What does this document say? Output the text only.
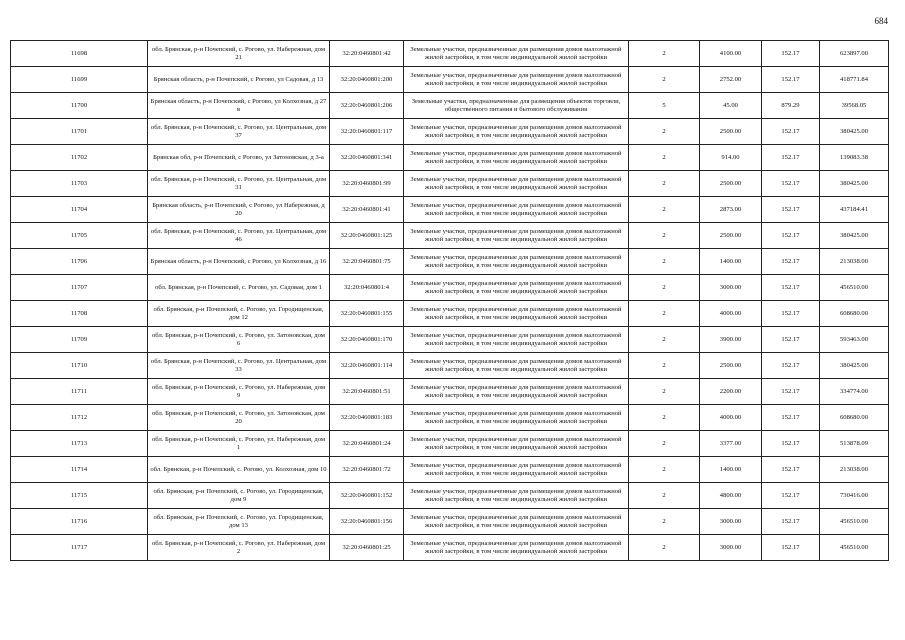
684
11698	обл. Брянская, р-н Почепский, с. Рогово, ул. Набережная, дом 21	32:20:0460801:42	Земельные участки, предназначенные для размещения домов малоэтажной жилой застройки, в том числе индивидуальной жилой застройки	2	4100.00	152.17	623897.00
11699	Брянская область, р-н Почепский, с Рогово, ул Садовая, д 13	32:20:0460801:200	Земельные участки, предназначенные для размещения домов малоэтажной жилой застройки, в том числе индивидуальной жилой застройки	2	2752.00	152.17	418771.84
11700	Брянская область, р-н Почепский, с Рогово, ул Колхозная, д 27 в	32:20:0460801:206	Земельные участки, предназначенные для размещения объектов торговли, общественного питания и бытового обслуживания	5	45.00	879.29	39568.05
11701	обл. Брянская, р-н Почепский, с. Рогово, ул. Центральная, дом 37	32:20:0460801:117	Земельные участки, предназначенные для размещения домов малоэтажной жилой застройки, в том числе индивидуальной жилой застройки	2	2500.00	152.17	380425.00
11702	Брянская обл, р-н Почепский, с Рогово, ул Затоновская, д 3-а	32:20:0460801:341	Земельные участки, предназначенные для размещения домов малоэтажной жилой застройки, в том числе индивидуальной жилой застройки	2	914.00	152.17	139083.38
11703	обл. Брянская, р-н Почепский, с. Рогово, ул. Центральная, дом 31	32:20:0460801:99	Земельные участки, предназначенные для размещения домов малоэтажной жилой застройки, в том числе индивидуальной жилой застройки	2	2500.00	152.17	380425.00
11704	Брянская область, р-н Почепский, с Рогово, ул Набережная, д 20	32:20:0460801:41	Земельные участки, предназначенные для размещения домов малоэтажной жилой застройки, в том числе индивидуальной жилой застройки	2	2873.00	152.17	437184.41
11705	обл. Брянская, р-н Почепский, с. Рогово, ул. Центральная, дом 46	32:20:0460801:125	Земельные участки, предназначенные для размещения домов малоэтажной жилой застройки, в том числе индивидуальной жилой застройки	2	2500.00	152.17	380425.00
11706	Брянская область, р-н Почепский, с Рогово, ул Колхозная, д 16	32:20:0460801:75	Земельные участки, предназначенные для размещения домов малоэтажной жилой застройки, в том числе индивидуальной жилой застройки	2	1400.00	152.17	213038.00
11707	обл. Брянская, р-н Почепский, с. Рогово, ул. Садовая, дом 1	32:20:0460801:4	Земельные участки, предназначенные для размещения домов малоэтажной жилой застройки, в том числе индивидуальной жилой застройки	2	3000.00	152.17	456510.00
11708	обл. Брянская, р-н Почепский, с. Рогово, ул. Городищенская, дом 12	32:20:0460801:155	Земельные участки, предназначенные для размещения домов малоэтажной жилой застройки, в том числе индивидуальной жилой застройки	2	4000.00	152.17	608680.00
11709	обл. Брянская, р-н Почепский, с. Рогово, ул. Затоновская, дом 6	32:20:0460801:170	Земельные участки, предназначенные для размещения домов малоэтажной жилой застройки, в том числе индивидуальной жилой застройки	2	3900.00	152.17	593463.00
11710	обл. Брянская, р-н Почепский, с. Рогово, ул. Центральная, дом 33	32:20:0460801:114	Земельные участки, предназначенные для размещения домов малоэтажной жилой застройки, в том числе индивидуальной жилой застройки	2	2500.00	152.17	380425.00
11711	обл. Брянская, р-н Почепский, с. Рогово, ул. Набережная, дом 9	32:20:0460801:51	Земельные участки, предназначенные для размещения домов малоэтажной жилой застройки, в том числе индивидуальной жилой застройки	2	2200.00	152.17	334774.00
11712	обл. Брянская, р-н Почепский, с. Рогово, ул. Затоновская, дом 20	32:20:0460801:183	Земельные участки, предназначенные для размещения домов малоэтажной жилой застройки, в том числе индивидуальной жилой застройки	2	4000.00	152.17	608680.00
11713	обл. Брянская, р-н Почепский, с. Рогово, ул. Набережная, дом 1	32:20:0460801:24	Земельные участки, предназначенные для размещения домов малоэтажной жилой застройки, в том числе индивидуальной жилой застройки	2	3377.00	152.17	513878.09
11714	обл. Брянская, р-н Почепский, с. Рогово, ул. Колхозная, дом 10	32:20:0460801:72	Земельные участки, предназначенные для размещения домов малоэтажной жилой застройки, в том числе индивидуальной жилой застройки	2	1400.00	152.17	213038.00
11715	обл. Брянская, р-н Почепский, с. Рогово, ул. Городищенская, дом 9	32:20:0460801:152	Земельные участки, предназначенные для размещения домов малоэтажной жилой застройки, в том числе индивидуальной жилой застройки	2	4800.00	152.17	730416.00
11716	обл. Брянская, р-н Почепский, с. Рогово, ул. Городищенская, дом 13	32:20:0460801:156	Земельные участки, предназначенные для размещения домов малоэтажной жилой застройки, в том числе индивидуальной жилой застройки	2	3000.00	152.17	456510.00
11717	обл. Брянская, р-н Почепский, с. Рогово, ул. Набережная, дом 2	32:20:0460801:25	Земельные участки, предназначенные для размещения домов малоэтажной жилой застройки, в том числе индивидуальной жилой застройки	2	3000.00	152.17	456510.00
